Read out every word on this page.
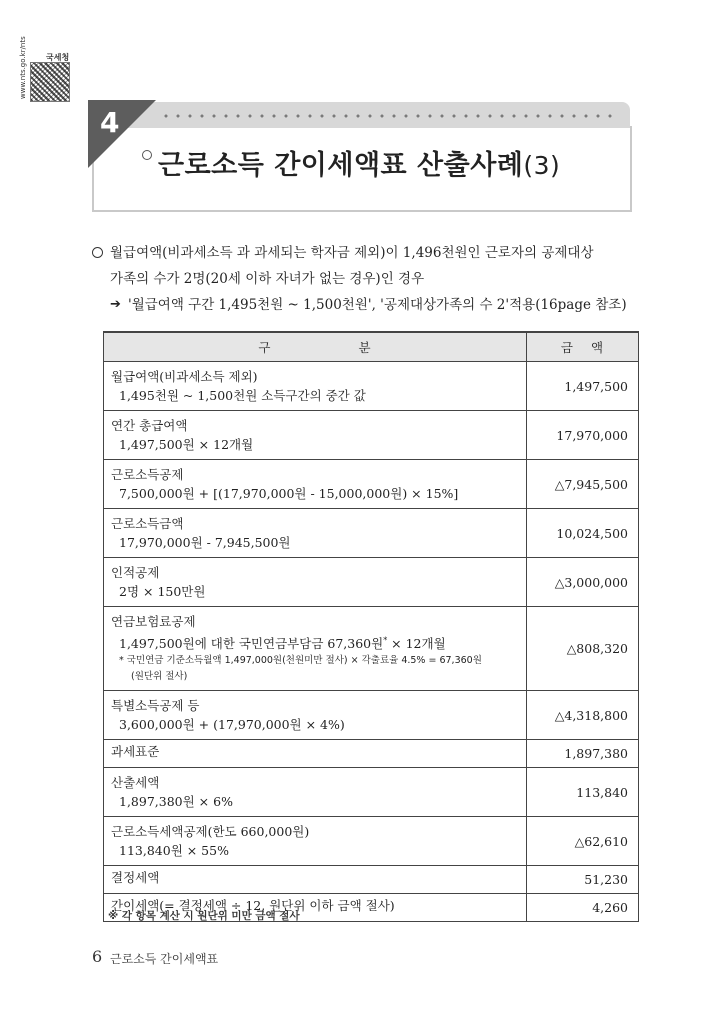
www.nts.go.kr/nts 국세청
4
근로소득 간이세액표 산출사례(3)
월급여액(비과세소득 과 과세되는 학자금 제외)이 1,496천원인 근로자의 공제대상
가족의 수가 2명(20세 이하 자녀가 없는 경우)인 경우
➔ '월급여액 구간 1,495천원 ~ 1,500천원', '공제대상가족의 수 2'적용(16page 참조)
구분	금액

월급여액(비과세소득 제외)
1,495천원 ~ 1,500천원 소득구간의 중간 값	1,497,500

연간 총급여액
1,497,500원 × 12개월	17,970,000

근로소득공제
7,500,000원 + [(17,970,000원 - 15,000,000원) × 15%]	△7,945,500

근로소득금액
17,970,000원 - 7,945,500원	10,024,500

인적공제
2명 × 150만원	△3,000,000

연금보험료공제
1,497,500원에 대한 국민연금부담금 67,360원* × 12개월
* 국민연금 기준소득월액 1,497,000원(천원미만 절사) × 각출료율 4.5% = 67,360원
(원단위 절사)	△808,320

특별소득공제 등
3,600,000원 + (17,970,000원 × 4%)	△4,318,800

과세표준	1,897,380

산출세액
1,897,380원 × 6%	113,840

근로소득세액공제(한도 660,000원)
113,840원 × 55%	△62,610

결정세액	51,230

간이세액(= 결정세액 ÷ 12, 원단위 이하 금액 절사)	4,260
※ 각 항목 계산 시 원단위 미만 금액 절사
6 근로소득 간이세액표
